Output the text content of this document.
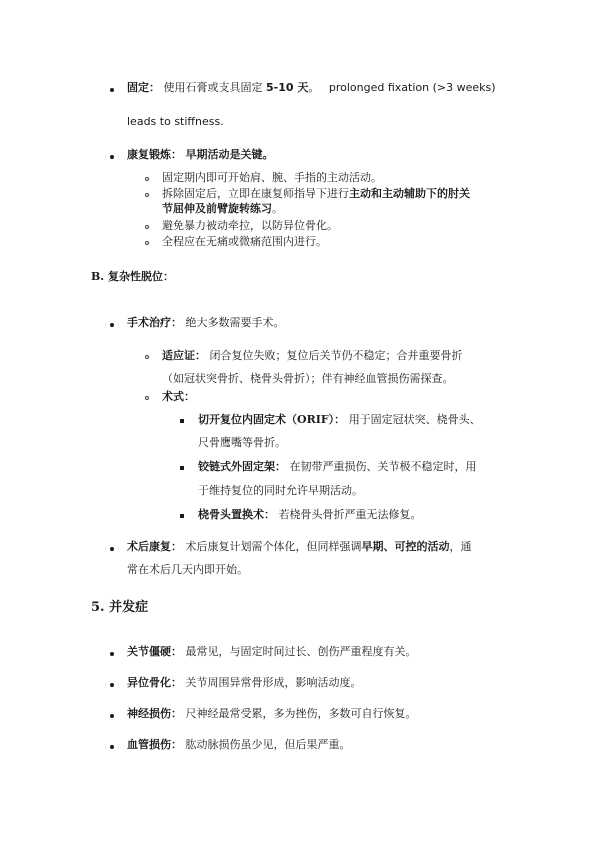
固定： 使用石膏或支具固定 5-10 天。 prolonged fixation (>3 weeks)
leads to stiffness.
康复锻炼： 早期活动是关键。
固定期内即可开始肩、腕、手指的主动活动。
拆除固定后，立即在康复师指导下进行主动和主动辅助下的肘关
节屈伸及前臂旋转练习。
避免暴力被动牵拉，以防异位骨化。
全程应在无痛或微痛范围内进行。
B. 复杂性脱位：
手术治疗： 绝大多数需要手术。
适应证： 闭合复位失败；复位后关节仍不稳定；合并重要骨折
（如冠状突骨折、桡骨头骨折）；伴有神经血管损伤需探查。
术式：
切开复位内固定术（ORIF）： 用于固定冠状突、桡骨头、
尺骨鹰嘴等骨折。
铰链式外固定架： 在韧带严重损伤、关节极不稳定时，用
于维持复位的同时允许早期活动。
桡骨头置换术： 若桡骨头骨折严重无法修复。
术后康复： 术后康复计划需个体化，但同样强调早期、可控的活动，通
常在术后几天内即开始。
5. 并发症
关节僵硬： 最常见，与固定时间过长、创伤严重程度有关。
异位骨化： 关节周围异常骨形成，影响活动度。
神经损伤： 尺神经最常受累，多为挫伤，多数可自行恢复。
血管损伤： 肱动脉损伤虽少见，但后果严重。
